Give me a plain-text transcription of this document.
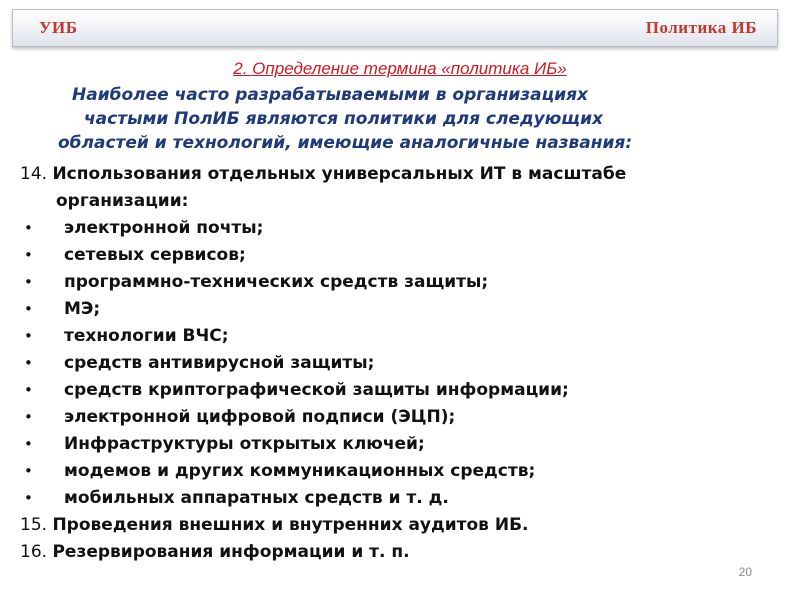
УИБ	Политика ИБ
2. Определение термина «политика ИБ»
Наиболее часто разрабатываемыми в организациях
частыми ПолИБ являются политики для следующих
областей и технологий, имеющие аналогичные названия:
14. Использования отдельных универсальных ИТ в масштабе
организации:
• электронной почты;
• сетевых сервисов;
• программно-технических средств защиты;
• МЭ;
• технологии ВЧС;
• средств антивирусной защиты;
• средств криптографической защиты информации;
• электронной цифровой подписи (ЭЦП);
• Инфраструктуры открытых ключей;
• модемов и других коммуникационных средств;
• мобильных аппаратных средств и т. д.
15. Проведения внешних и внутренних аудитов ИБ.
16. Резервирования информации и т. п.
20
